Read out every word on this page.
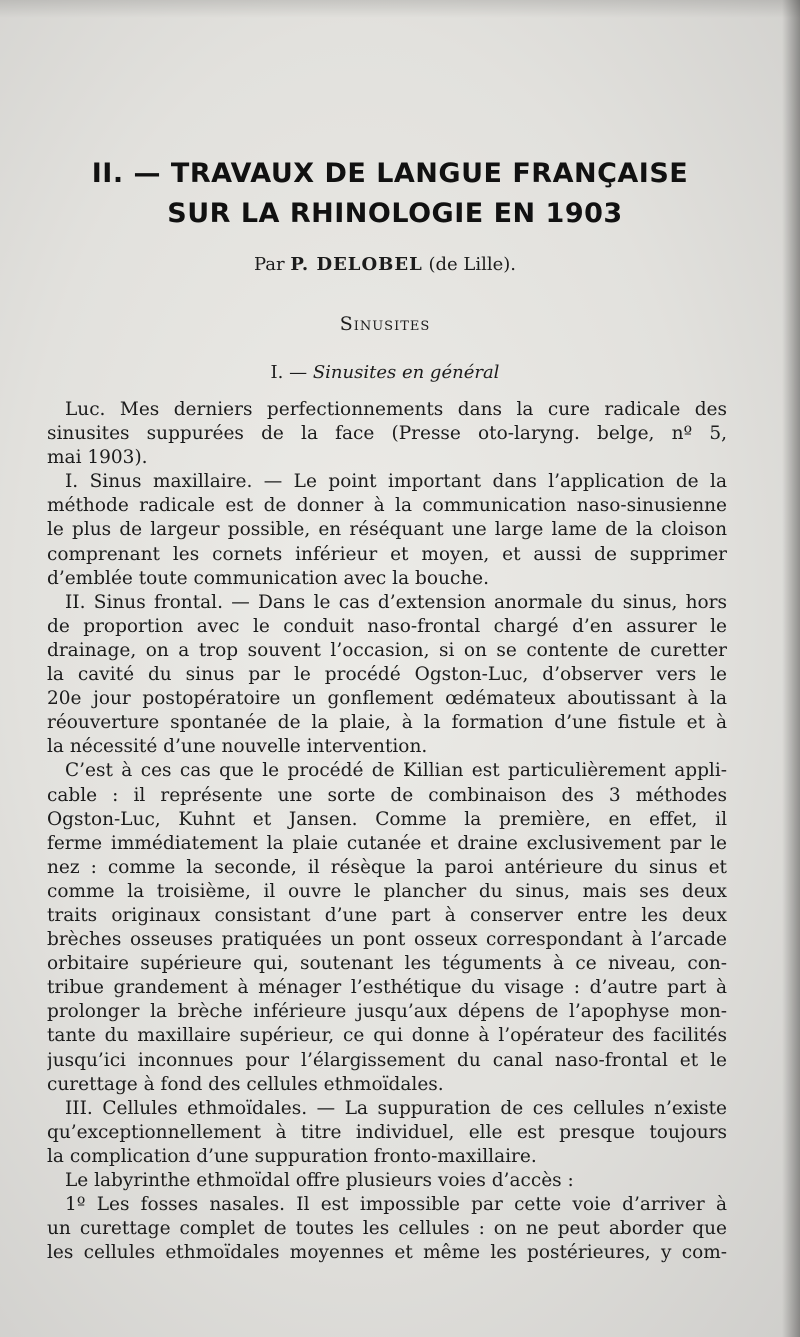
II. — TRAVAUX DE LANGUE FRANÇAISE
SUR LA RHINOLOGIE EN 1903
Par P. DELOBEL (de Lille).
Sinusites
I. — Sinusites en général
Luc. Mes derniers perfectionnements dans la cure radicale des
sinusites suppurées de la face (Presse oto-laryng. belge, nº 5,
mai 1903).
I. Sinus maxillaire. — Le point important dans l’application de la
méthode radicale est de donner à la communication naso-sinusienne
le plus de largeur possible, en réséquant une large lame de la cloison
comprenant les cornets inférieur et moyen, et aussi de supprimer
d’emblée toute communication avec la bouche.
II. Sinus frontal. — Dans le cas d’extension anormale du sinus, hors
de proportion avec le conduit naso-frontal chargé d’en assurer le
drainage, on a trop souvent l’occasion, si on se contente de curetter
la cavité du sinus par le procédé Ogston-Luc, d’observer vers le
20e jour postopératoire un gonflement œdémateux aboutissant à la
réouverture spontanée de la plaie, à la formation d’une fistule et à
la nécessité d’une nouvelle intervention.
C’est à ces cas que le procédé de Killian est particulièrement appli-
cable : il représente une sorte de combinaison des 3 méthodes
Ogston-Luc, Kuhnt et Jansen. Comme la première, en effet, il
ferme immédiatement la plaie cutanée et draine exclusivement par le
nez : comme la seconde, il résèque la paroi antérieure du sinus et
comme la troisième, il ouvre le plancher du sinus, mais ses deux
traits originaux consistant d’une part à conserver entre les deux
brèches osseuses pratiquées un pont osseux correspondant à l’arcade
orbitaire supérieure qui, soutenant les téguments à ce niveau, con-
tribue grandement à ménager l’esthétique du visage : d’autre part à
prolonger la brèche inférieure jusqu’aux dépens de l’apophyse mon-
tante du maxillaire supérieur, ce qui donne à l’opérateur des facilités
jusqu’ici inconnues pour l’élargissement du canal naso-frontal et le
curettage à fond des cellules ethmoïdales.
III. Cellules ethmoïdales. — La suppuration de ces cellules n’existe
qu’exceptionnellement à titre individuel, elle est presque toujours
la complication d’une suppuration fronto-maxillaire.
Le labyrinthe ethmoïdal offre plusieurs voies d’accès :
1º Les fosses nasales. Il est impossible par cette voie d’arriver à
un curettage complet de toutes les cellules : on ne peut aborder que
les cellules ethmoïdales moyennes et même les postérieures, y com-
